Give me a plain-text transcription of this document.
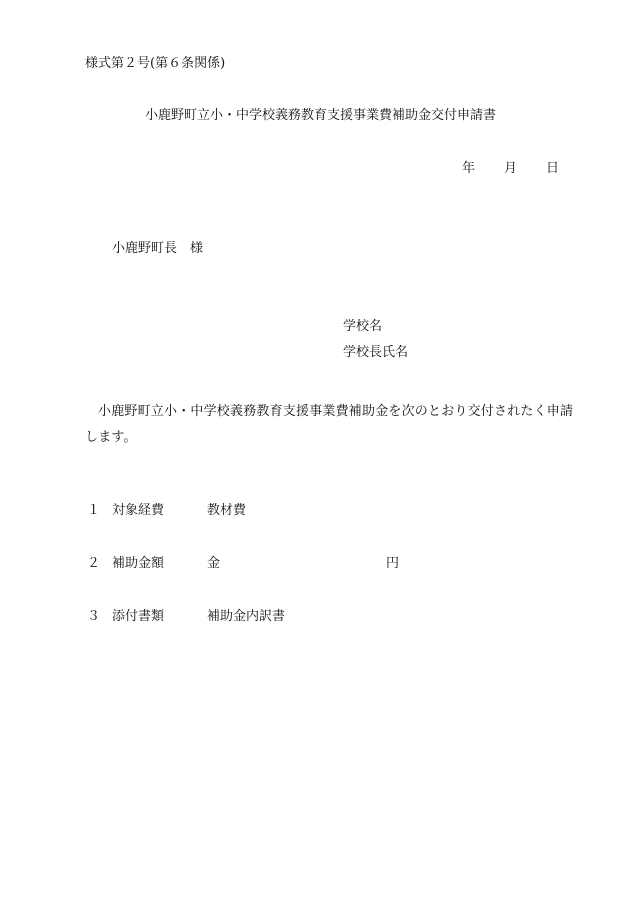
様式第２号(第６条関係)
小鹿野町立小・中学校義務教育支援事業費補助金交付申請書
年 月 日
小鹿野町長 様
学校名
学校長氏名
小鹿野町立小・中学校義務教育支援事業費補助金を次のとおり交付されたく申請します。
１ 対象経費	教材費
２ 補助金額	金	円
３ 添付書類	補助金内訳書
